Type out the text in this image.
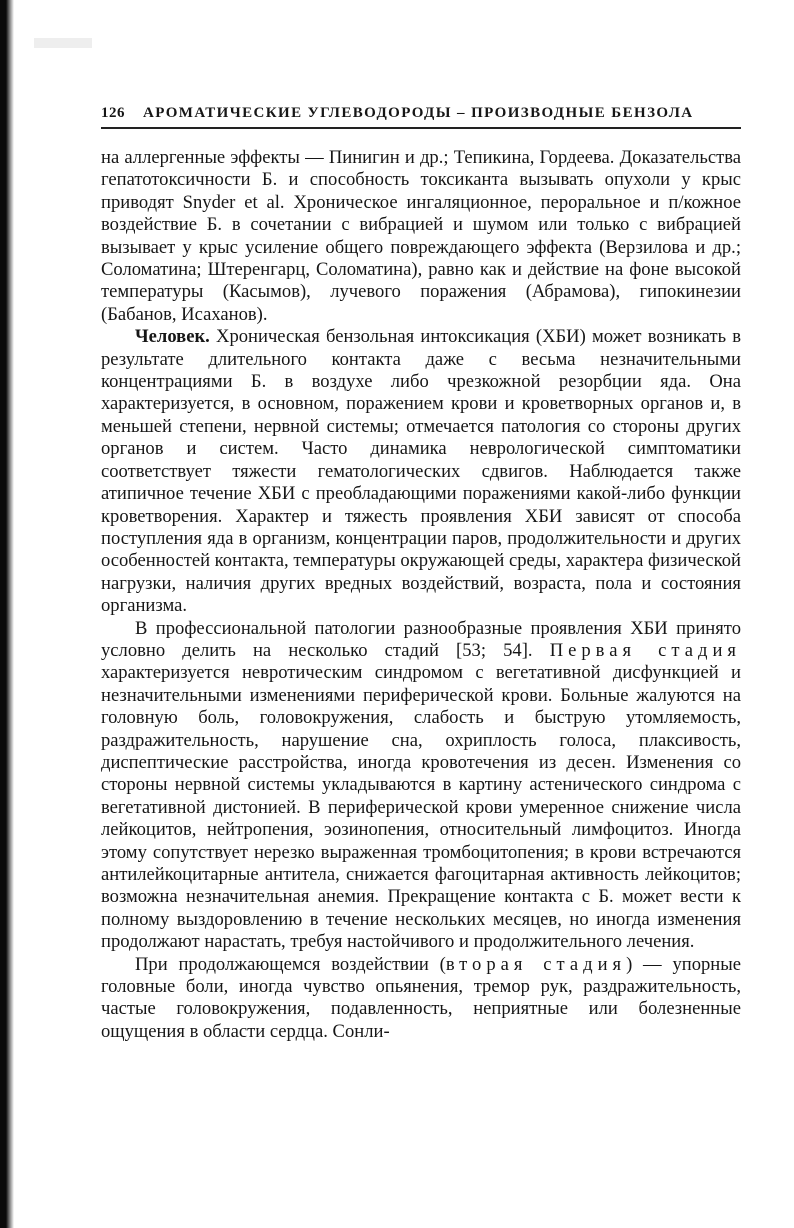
126 АРОМАТИЧЕСКИЕ УГЛЕВОДОРОДЫ – ПРОИЗВОДНЫЕ БЕНЗОЛА

на аллергенные эффекты — Пинигин и др.; Тепикина, Гордеева. Доказательства гепатотоксичности Б. и способность токсиканта вызывать опухоли у крыс приводят Snyder et al. Хроническое ингаляционное, пероральное и п/кожное воздействие Б. в сочетании с вибрацией и шумом или только с вибрацией вызывает у крыс усиление общего повреждающего эффекта (Верзилова и др.; Соломатина; Штеренгарц, Соломатина), равно как и действие на фоне высокой температуры (Касымов), лучевого поражения (Абрамова), гипокинезии (Бабанов, Исаханов).

Человек. Хроническая бензольная интоксикация (ХБИ) может возникать в результате длительного контакта даже с весьма незначительными концентрациями Б. в воздухе либо чрезкожной резорбции яда. Она характеризуется, в основном, поражением крови и кроветворных органов и, в меньшей степени, нервной системы; отмечается патология со стороны других органов и систем. Часто динамика неврологической симптоматики соответствует тяжести гематологических сдвигов. Наблюдается также атипичное течение ХБИ с преобладающими поражениями какой-либо функции кроветворения. Характер и тяжесть проявления ХБИ зависят от способа поступления яда в организм, концентрации паров, продолжительности и других особенностей контакта, температуры окружающей среды, характера физической нагрузки, наличия других вредных воздействий, возраста, пола и состояния организма.

В профессиональной патологии разнообразные проявления ХБИ принято условно делить на несколько стадий [53; 54]. Первая стадия характеризуется невротическим синдромом с вегетативной дисфункцией и незначительными изменениями периферической крови. Больные жалуются на головную боль, головокружения, слабость и быструю утомляемость, раздражительность, нарушение сна, охриплость голоса, плаксивость, диспептические расстройства, иногда кровотечения из десен. Изменения со стороны нервной системы укладываются в картину астенического синдрома с вегетативной дистонией. В периферической крови умеренное снижение числа лейкоцитов, нейтропения, эозинопения, относительный лимфоцитоз. Иногда этому сопутствует нерезко выраженная тромбоцитопения; в крови встречаются антилейкоцитарные антитела, снижается фагоцитарная активность лейкоцитов; возможна незначительная анемия. Прекращение контакта с Б. может вести к полному выздоровлению в течение нескольких месяцев, но иногда изменения продолжают нарастать, требуя настойчивого и продолжительного лечения.

При продолжающемся воздействии (вторая стадия) — упорные головные боли, иногда чувство опьянения, тремор рук, раздражительность, частые головокружения, подавленность, неприятные или болезненные ощущения в области сердца. Сонли-
